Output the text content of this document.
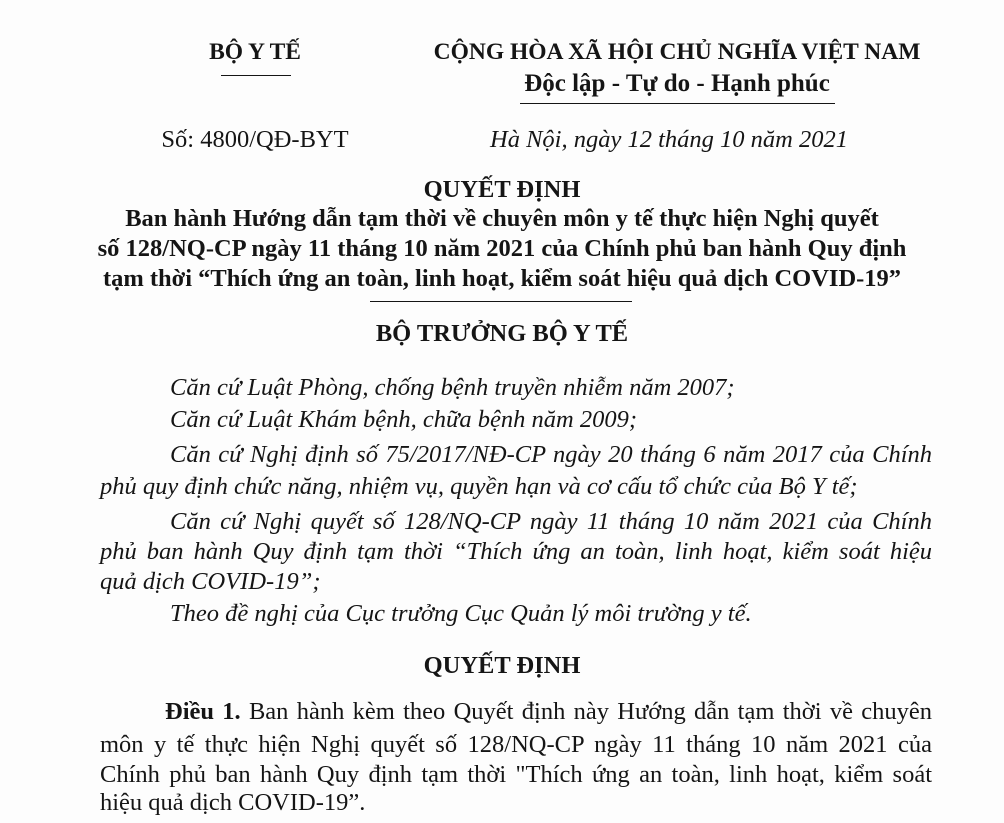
BỘ Y TẾ	CỘNG HÒA XÃ HỘI CHỦ NGHĨA VIỆT NAM
Độc lập - Tự do - Hạnh phúc
Số: 4800/QĐ-BYT	Hà Nội, ngày 12 tháng 10 năm 2021
QUYẾT ĐỊNH
Ban hành Hướng dẫn tạm thời về chuyên môn y tế thực hiện Nghị quyết
số 128/NQ-CP ngày 11 tháng 10 năm 2021 của Chính phủ ban hành Quy định
tạm thời “Thích ứng an toàn, linh hoạt, kiểm soát hiệu quả dịch COVID-19”
BỘ TRƯỞNG BỘ Y TẾ
Căn cứ Luật Phòng, chống bệnh truyền nhiễm năm 2007;
Căn cứ Luật Khám bệnh, chữa bệnh năm 2009;
Căn cứ Nghị định số 75/2017/NĐ-CP ngày 20 tháng 6 năm 2017 của Chính
phủ quy định chức năng, nhiệm vụ, quyền hạn và cơ cấu tổ chức của Bộ Y tế;
Căn cứ Nghị quyết số 128/NQ-CP ngày 11 tháng 10 năm 2021 của Chính
phủ ban hành Quy định tạm thời “Thích ứng an toàn, linh hoạt, kiểm soát hiệu
quả dịch COVID-19”;
Theo đề nghị của Cục trưởng Cục Quản lý môi trường y tế.
QUYẾT ĐỊNH
Điều 1. Ban hành kèm theo Quyết định này Hướng dẫn tạm thời về chuyên
môn y tế thực hiện Nghị quyết số 128/NQ-CP ngày 11 tháng 10 năm 2021 của
Chính phủ ban hành Quy định tạm thời "Thích ứng an toàn, linh hoạt, kiểm soát
hiệu quả dịch COVID-19”.
